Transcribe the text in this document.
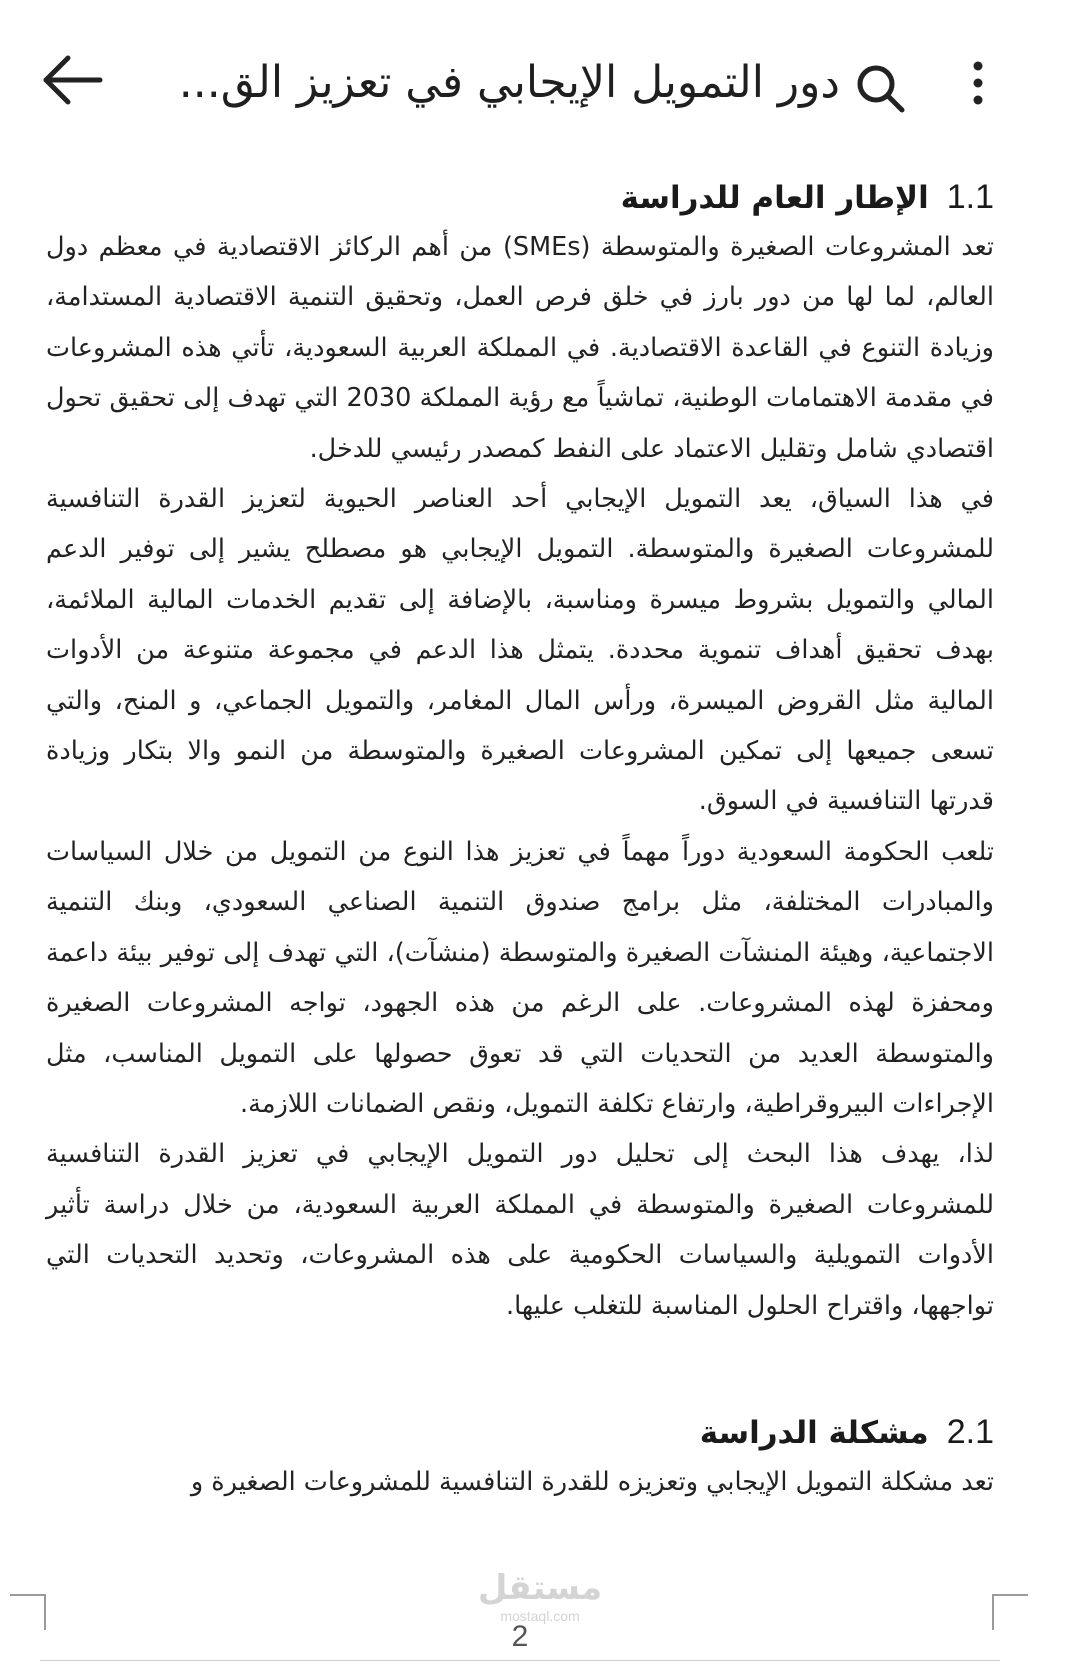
دور التمويل الإيجابي في تعزيز الق...
1.1
الإطار العام للدراسة

تعد المشروعات الصغيرة والمتوسطة (SMEs) من أهم الركائز الاقتصادية في معظم دول العالم، لما لها من دور بارز في خلق فرص العمل، وتحقيق التنمية الاقتصادية المستدامة، وزيادة التنوع في القاعدة الاقتصادية. في المملكة العربية السعودية، تأتي هذه المشروعات في مقدمة الاهتمامات الوطنية، تماشياً مع رؤية المملكة 2030 التي تهدف إلى تحقيق تحول اقتصادي شامل وتقليل الاعتماد على النفط كمصدر رئيسي للدخل.

في هذا السياق، يعد التمويل الإيجابي أحد العناصر الحيوية لتعزيز القدرة التنافسية للمشروعات الصغيرة والمتوسطة. التمويل الإيجابي هو مصطلح يشير إلى توفير الدعم المالي والتمويل بشروط ميسرة ومناسبة، بالإضافة إلى تقديم الخدمات المالية الملائمة، بهدف تحقيق أهداف تنموية محددة. يتمثل هذا الدعم في مجموعة متنوعة من الأدوات المالية مثل القروض الميسرة، ورأس المال المغامر، والتمويل الجماعي، و المنح، والتي تسعى جميعها إلى تمكين المشروعات الصغيرة والمتوسطة من النمو والا بتكار وزيادة قدرتها التنافسية في السوق.

تلعب الحكومة السعودية دوراً مهماً في تعزيز هذا النوع من التمويل من خلال السياسات والمبادرات المختلفة، مثل برامج صندوق التنمية الصناعي السعودي، وبنك التنمية الاجتماعية، وهيئة المنشآت الصغيرة والمتوسطة (منشآت)، التي تهدف إلى توفير بيئة داعمة ومحفزة لهذه المشروعات. على الرغم من هذه الجهود، تواجه المشروعات الصغيرة والمتوسطة العديد من التحديات التي قد تعوق حصولها على التمويل المناسب، مثل الإجراءات البيروقراطية، وارتفاع تكلفة التمويل، ونقص الضمانات اللازمة.

لذا، يهدف هذا البحث إلى تحليل دور التمويل الإيجابي في تعزيز القدرة التنافسية للمشروعات الصغيرة والمتوسطة في المملكة العربية السعودية، من خلال دراسة تأثير الأدوات التمويلية والسياسات الحكومية على هذه المشروعات، وتحديد التحديات التي تواجهها، واقتراح الحلول المناسبة للتغلب عليها.

2.1
مشكلة الدراسة

تعد مشكلة التمويل الإيجابي وتعزيزه للقدرة التنافسية للمشروعات الصغيرة و

مستقل
mostaql.com
2
